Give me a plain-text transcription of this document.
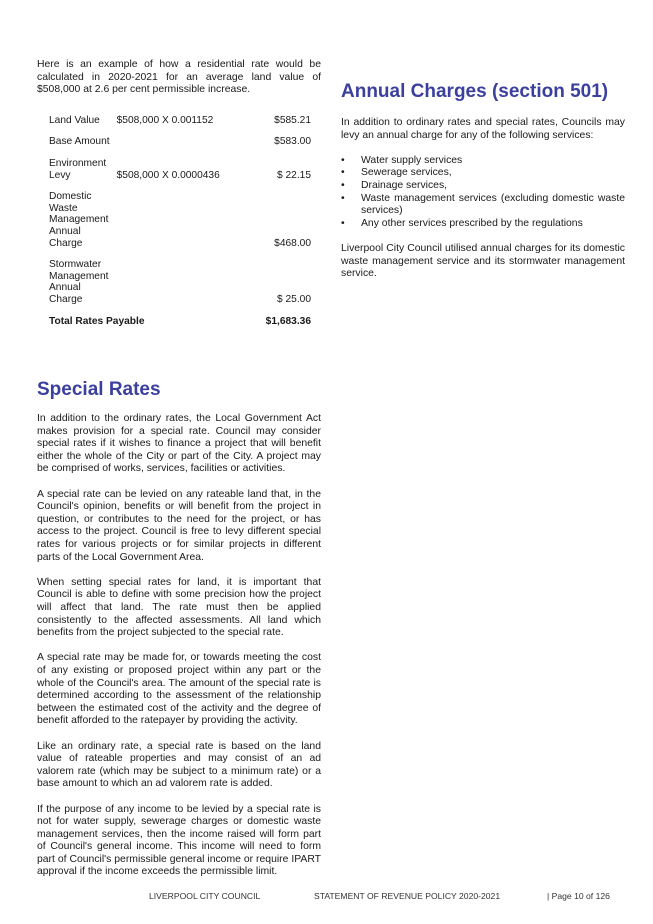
Here is an example of how a residential rate would be calculated in 2020-2021 for an average land value of $508,000 at 2.6 per cent permissible increase.

Land Value	$508,000 X 0.001152	$585.21

Base Amount		$583.00

Environment Levy	$508,000 X 0.0000436	$ 22.15

Domestic Waste Management Annual Charge		$468.00

Stormwater Management Annual Charge		$ 25.00

Total Rates Payable		$1,683.36
Special Rates

In addition to the ordinary rates, the Local Government Act makes provision for a special rate. Council may consider special rates if it wishes to finance a project that will benefit either the whole of the City or part of the City. A project may be comprised of works, services, facilities or activities.

A special rate can be levied on any rateable land that, in the Council's opinion, benefits or will benefit from the project in question, or contributes to the need for the project, or has access to the project. Council is free to levy different special rates for various projects or for similar projects in different parts of the Local Government Area.

When setting special rates for land, it is important that Council is able to define with some precision how the project will affect that land. The rate must then be applied consistently to the affected assessments. All land which benefits from the project subjected to the special rate.

A special rate may be made for, or towards meeting the cost of any existing or proposed project within any part or the whole of the Council's area. The amount of the special rate is determined according to the assessment of the relationship between the estimated cost of the activity and the degree of benefit afforded to the ratepayer by providing the activity.

Like an ordinary rate, a special rate is based on the land value of rateable properties and may consist of an ad valorem rate (which may be subject to a minimum rate) or a base amount to which an ad valorem rate is added.

If the purpose of any income to be levied by a special rate is not for water supply, sewerage charges or domestic waste management services, then the income raised will form part of Council's general income. This income will need to form part of Council's permissible general income or require IPART approval if the income exceeds the permissible limit.

Annual Charges (section 501)

In addition to ordinary rates and special rates, Councils may levy an annual charge for any of the following services:

•	Water supply services
•	Sewerage services,
•	Drainage services,
•	Waste management services (excluding domestic waste services)
•	Any other services prescribed by the regulations

Liverpool City Council utilised annual charges for its domestic waste management service and its stormwater management service.

LIVERPOOL CITY COUNCIL	STATEMENT OF REVENUE POLICY 2020-2021	| Page 10 of 126
